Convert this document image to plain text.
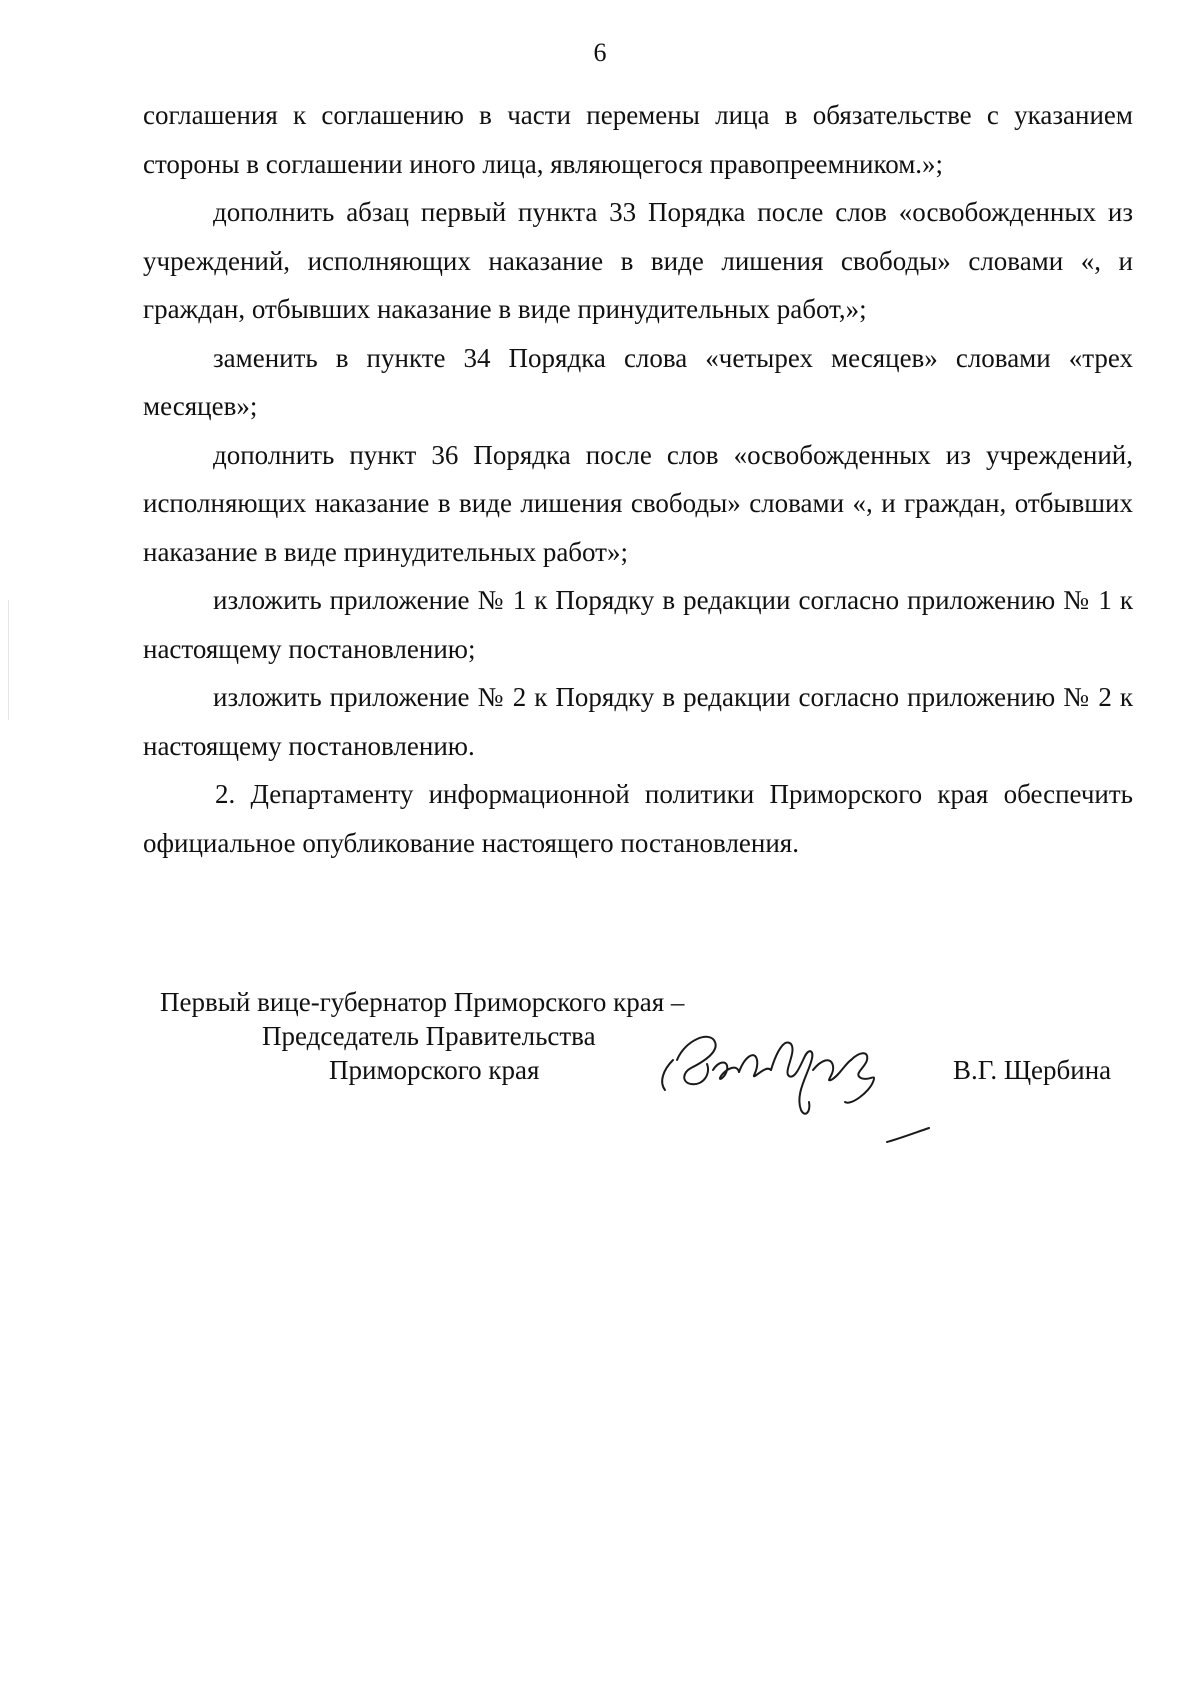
6

соглашения к соглашению в части перемены лица в обязательстве с указанием стороны в соглашении иного лица, являющегося правопреемником.»;

дополнить абзац первый пункта 33 Порядка после слов «освобожденных из учреждений, исполняющих наказание в виде лишения свободы» словами «, и граждан, отбывших наказание в виде принудительных работ,»;

заменить в пункте 34 Порядка слова «четырех месяцев» словами «трех месяцев»;

дополнить пункт 36 Порядка после слов «освобожденных из учреждений, исполняющих наказание в виде лишения свободы» словами «, и граждан, отбывших наказание в виде принудительных работ»;

изложить приложение № 1 к Порядку в редакции согласно приложению № 1 к настоящему постановлению;

изложить приложение № 2 к Порядку в редакции согласно приложению № 2 к настоящему постановлению.

2. Департаменту информационной политики Приморского края обеспечить официальное опубликование настоящего постановления.

Первый вице-губернатор Приморского края –
Председатель Правительства
Приморского края	В.Г. Щербина
